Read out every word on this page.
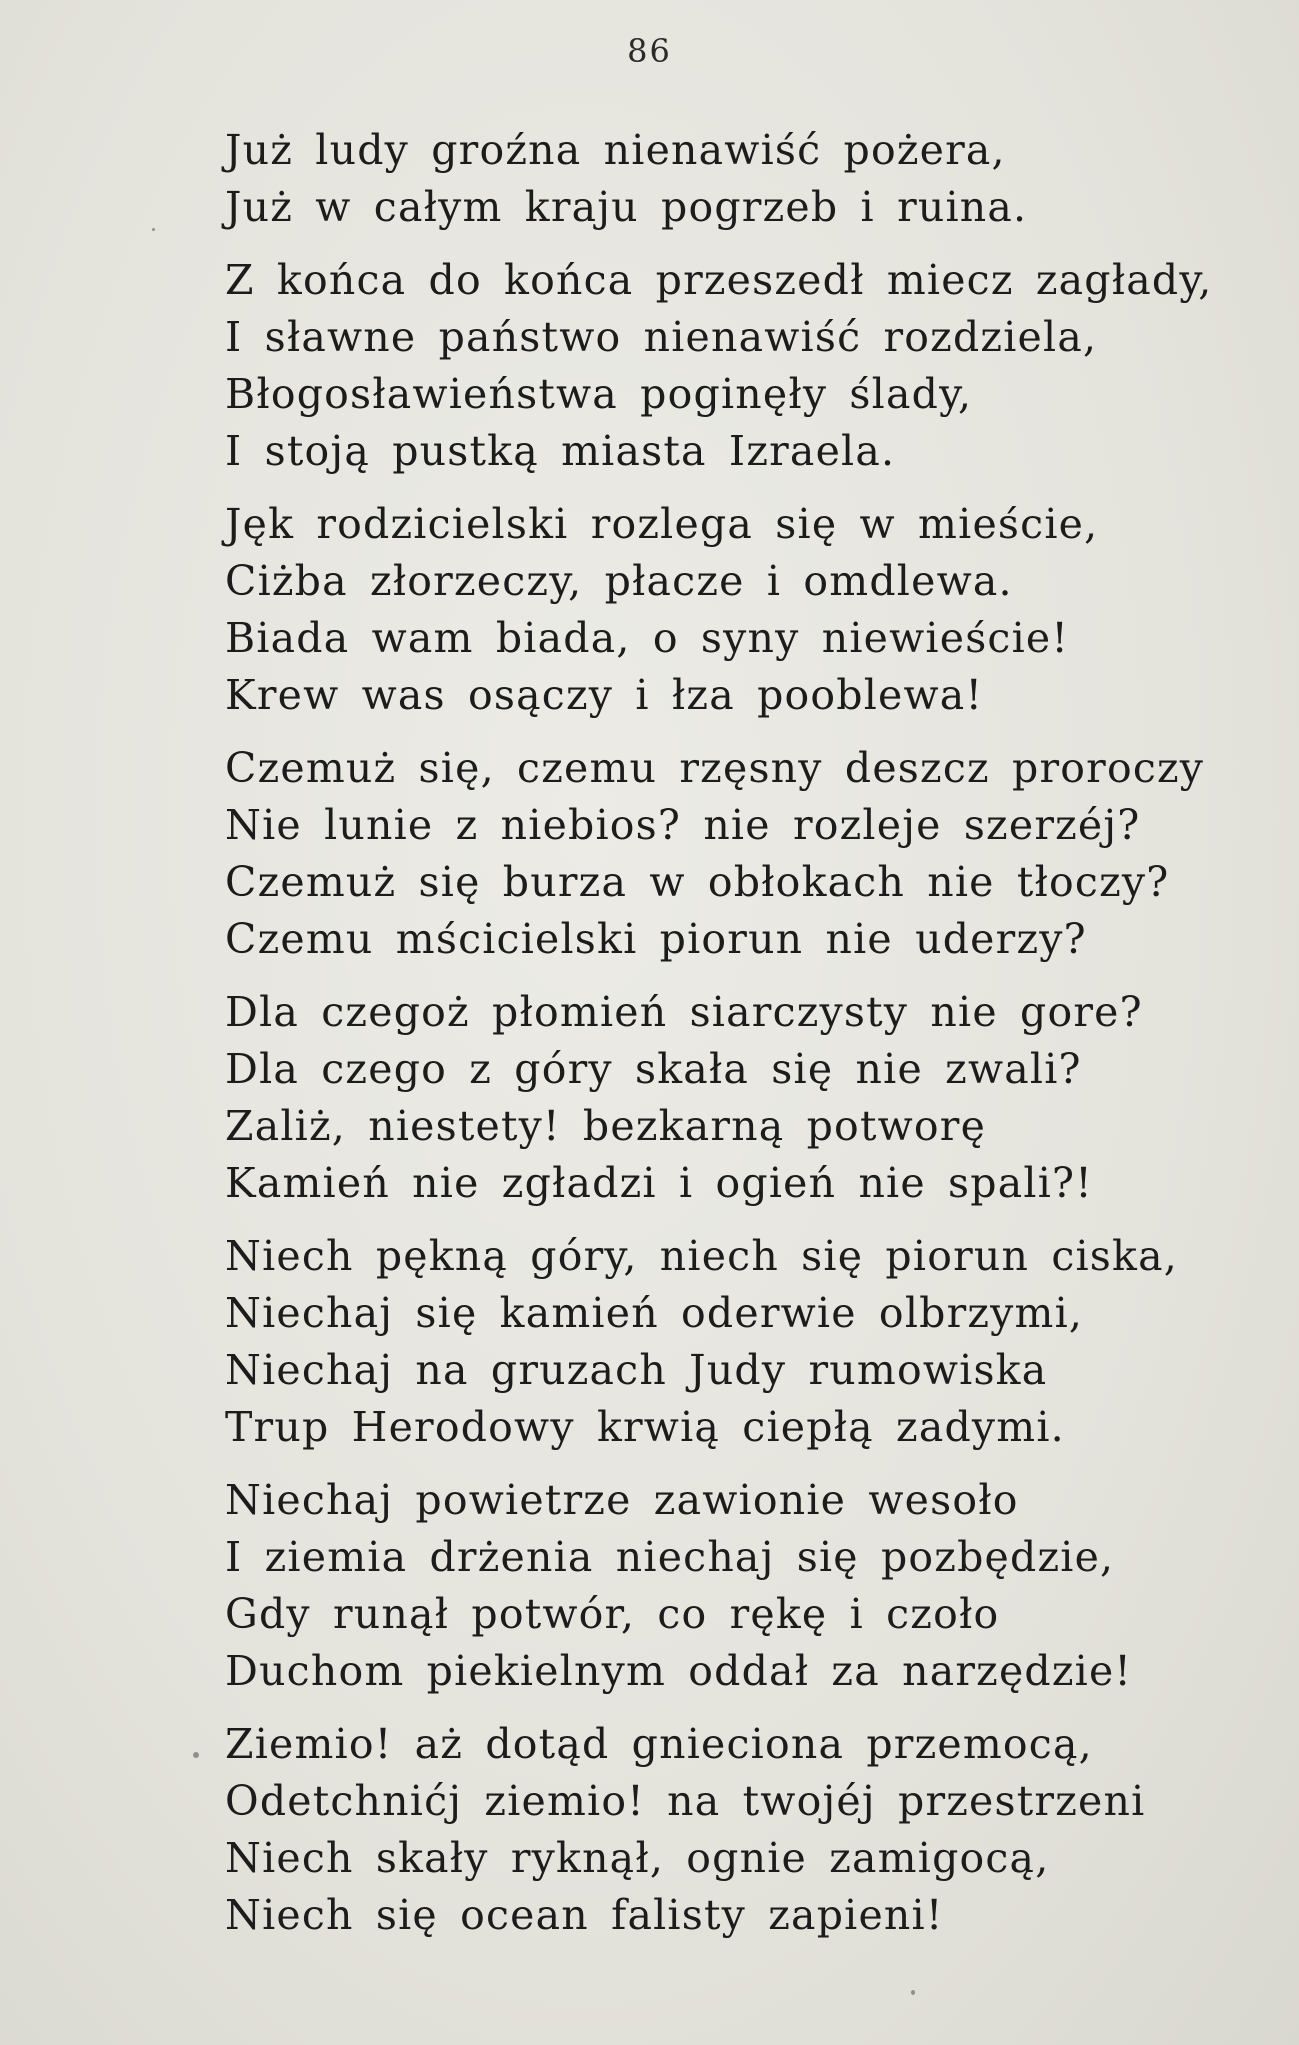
86
Już ludy groźna nienawiść pożera,
Już w całym kraju pogrzeb i ruina.
Z końca do końca przeszedł miecz zagłady,
I sławne państwo nienawiść rozdziela,
Błogosławieństwa poginęły ślady,
I stoją pustką miasta Izraela.
Jęk rodzicielski rozlega się w mieście,
Ciżba złorzeczy, płacze i omdlewa.
Biada wam biada, o syny niewieście!
Krew was osączy i łza pooblewa!
Czemuż się, czemu rzęsny deszcz proroczy
Nie lunie z niebios? nie rozleje szerzéj?
Czemuż się burza w obłokach nie tłoczy?
Czemu mścicielski piorun nie uderzy?
Dla czegoż płomień siarczysty nie gore?
Dla czego z góry skała się nie zwali?
Zaliż, niestety! bezkarną potworę
Kamień nie zgładzi i ogień nie spali?!
Niech pękną góry, niech się piorun ciska,
Niechaj się kamień oderwie olbrzymi,
Niechaj na gruzach Judy rumowiska
Trup Herodowy krwią ciepłą zadymi.
Niechaj powietrze zawionie wesoło
I ziemia drżenia niechaj się pozbędzie,
Gdy runął potwór, co rękę i czoło
Duchom piekielnym oddał za narzędzie!
Ziemio! aż dotąd gnieciona przemocą,
Odetchnićj ziemio! na twojéj przestrzeni
Niech skały ryknął, ognie zamigocą,
Niech się ocean falisty zapieni!
